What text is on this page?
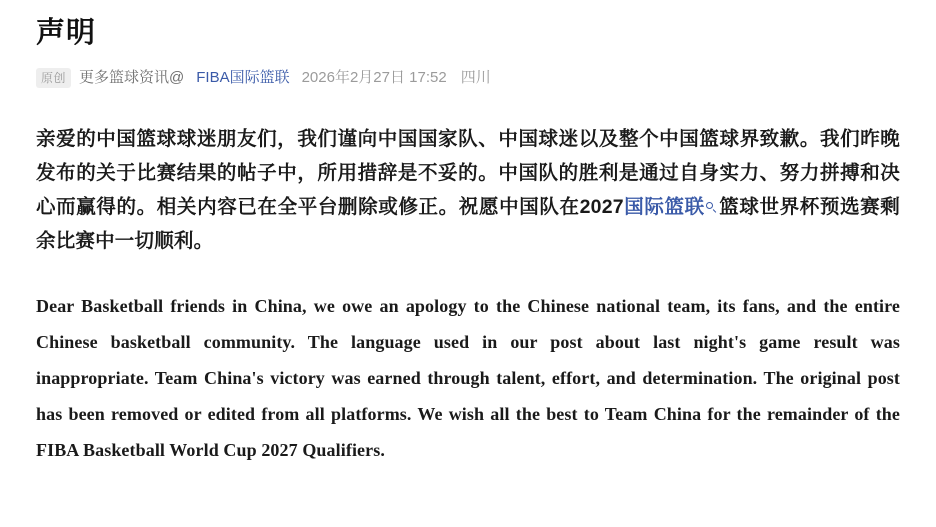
声明
原创 更多篮球资讯@ FIBA国际篮联 2026年2月27日 17:52 四川

亲爱的中国篮球球迷朋友们，我们谨向中国国家队、中国球迷以及整个中国篮球界致歉。我们昨晚发布的关于比赛结果的帖子中，所用措辞是不妥的。中国队的胜利是通过自身实力、努力拼搏和决心而赢得的。相关内容已在全平台删除或修正。祝愿中国队在2027国际篮联 篮球世界杯预选赛剩余比赛中一切顺利。

Dear Basketball friends in China, we owe an apology to the Chinese national team, its fans, and the entire Chinese basketball community. The language used in our post about last night's game result was inappropriate. Team China's victory was earned through talent, effort, and determination. The original post has been removed or edited from all platforms. We wish all the best to Team China for the remainder of the FIBA Basketball World Cup 2027 Qualifiers.
